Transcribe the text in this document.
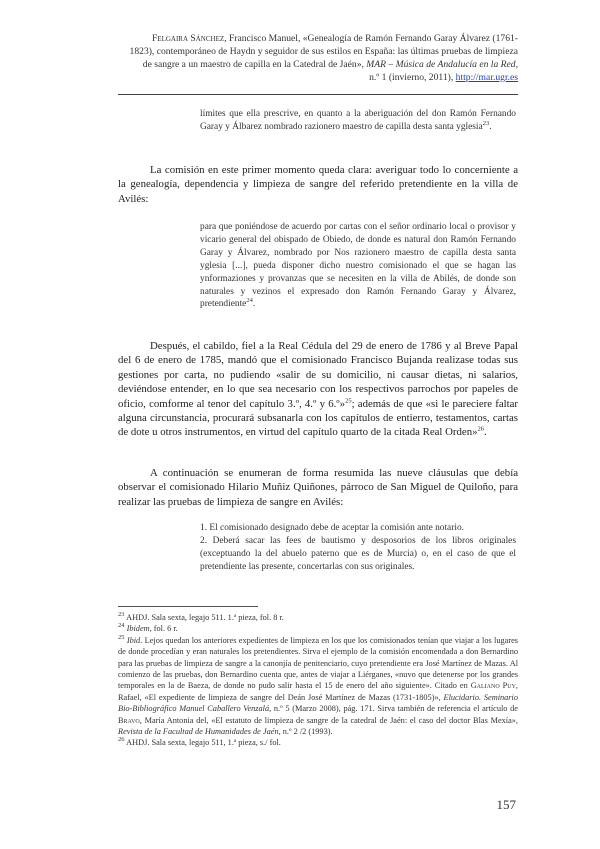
Felgaira Sánchez, Francisco Manuel, «Genealogía de Ramón Fernando Garay Álvarez (1761-
1823), contemporáneo de Haydn y seguidor de sus estilos en España: las últimas pruebas de limpieza
de sangre a un maestro de capilla en la Catedral de Jaén», MAR – Música de Andalucía en la Red,
n.º 1 (invierno, 2011), http://mar.ugr.es
límites que ella prescrive, en quanto a la aberiguación del don Ramón Fernando Garay y Álbarez nombrado razionero maestro de capilla desta santa yglesia$^{23}$.
La comisión en este primer momento queda clara: averiguar todo lo concerniente a la genealogía, dependencia y limpieza de sangre del referido pretendiente en la villa de Avilés:
para que poniéndose de acuerdo por cartas con el señor ordinario local o provisor y vicario general del obispado de Obiedo, de donde es natural don Ramón Fernando Garay y Álvarez, nombrado por Nos razionero maestro de capilla desta santa yglesia [...], pueda disponer dicho nuestro comisionado el que se hagan las ynformaziones y provanzas que se necesiten en la villa de Abilés, de donde son naturales y vezinos el expresado don Ramón Fernando Garay y Álvarez, pretendiente$^{24}$.
Después, el cabildo, fiel a la Real Cédula del 29 de enero de 1786 y al Breve Papal del 6 de enero de 1785, mandó que el comisionado Francisco Bujanda realizase todas sus gestiones por carta, no pudiendo «salir de su domicilio, ni causar dietas, ni salarios, deviéndose entender, en lo que sea necesario con los respectivos parrochos por papeles de oficio, comforme al tenor del capítulo 3.º, 4.º y 6.º»$^{25}$; además de que «si le pareciere faltar alguna circunstancia, procurará subsanarla con los capítulos de entierro, testamentos, cartas de dote u otros instrumentos, en virtud del capítulo quarto de la citada Real Orden»$^{26}$.
A continuación se enumeran de forma resumida las nueve cláusulas que debía observar el comisionado Hilario Muñiz Quiñones, párroco de San Miguel de Quiloño, para realizar las pruebas de limpieza de sangre en Avilés:
1. El comisionado designado debe de aceptar la comisión ante notario.
2. Deberá sacar las fees de bautismo y desposorios de los libros originales (exceptuando la del abuelo paterno que es de Murcia) o, en el caso de que el pretendiente las presente, concertarlas con sus originales.
$^{23}$ AHDJ. Sala sexta, legajo 511. 1.ª pieza, fol. 8 r.
$^{24}$ Ibidem, fol. 6 r.
$^{25}$ Ibid. Lejos quedan los anteriores expedientes de limpieza en los que los comisionados tenían que viajar a los lugares de donde procedían y eran naturales los pretendientes. Sirva el ejemplo de la comisión encomendada a don Bernardino para las pruebas de limpieza de sangre a la canonjía de penitenciario, cuyo pretendiente era José Martínez de Mazas. Al comienzo de las pruebas, don Bernardino cuenta que, antes de viajar a Liérganes, «nuvo que detenerse por los grandes temporales en la de Baeza, de donde no pudo salir hasta el 15 de enero del año siguiente». Citado en Galiano Puy, Rafael, «El expediente de limpieza de sangre del Deán José Martínez de Mazas (1731-1805)», Elucidario. Seminario Bio-Bibliográfico Manuel Caballero Venzalá, n.º 5 (Marzo 2008), pág. 171. Sirva también de referencia el artículo de Bravo, María Antonia del, «El estatuto de limpieza de sangre de la catedral de Jaén: el caso del doctor Blas Mexía», Revista de la Facultad de Humanidades de Jaén, n.º 2 /2 (1993).
$^{26}$ AHDJ. Sala sexta, legajo 511, 1.ª pieza, s./ fol.
157
